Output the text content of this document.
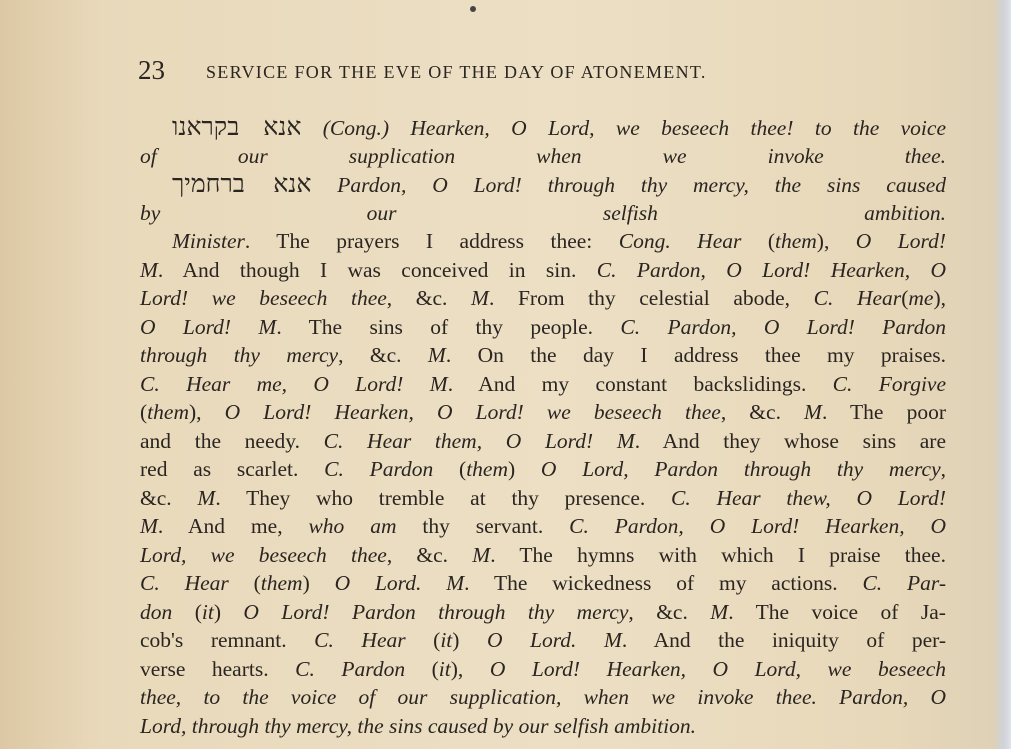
23 SERVICE FOR THE EVE OF THE DAY OF ATONEMENT.
אנא בקראנו (Cong.) Hearken, O Lord, we beseech thee! to the voice
of our supplication when we invoke thee.
אנא ברחמיך Pardon, O Lord! through thy mercy, the sins caused
by our selfish ambition.
Minister. The prayers I address thee: Cong. Hear (them), O Lord!
M. And though I was conceived in sin. C. Pardon, O Lord! Hearken, O
Lord! we beseech thee, &c. M. From thy celestial abode, C. Hear(me),
O Lord! M. The sins of thy people. C. Pardon, O Lord! Pardon
through thy mercy, &c. M. On the day I address thee my praises.
C. Hear me, O Lord! M. And my constant backslidings. C. Forgive
(them), O Lord! Hearken, O Lord! we beseech thee, &c. M. The poor
and the needy. C. Hear them, O Lord! M. And they whose sins are
red as scarlet. C. Pardon (them) O Lord, Pardon through thy mercy,
&c. M. They who tremble at thy presence. C. Hear thew, O Lord!
M. And me, who am thy servant. C. Pardon, O Lord! Hearken, O
Lord, we beseech thee, &c. M. The hymns with which I praise thee.
C. Hear (them) O Lord. M. The wickedness of my actions. C. Par-
don (it) O Lord! Pardon through thy mercy, &c. M. The voice of Ja-
cob's remnant. C. Hear (it) O Lord. M. And the iniquity of per-
verse hearts. C. Pardon (it), O Lord! Hearken, O Lord, we beseech
thee, to the voice of our supplication, when we invoke thee. Pardon, O
Lord, through thy mercy, the sins caused by our selfish ambition.
